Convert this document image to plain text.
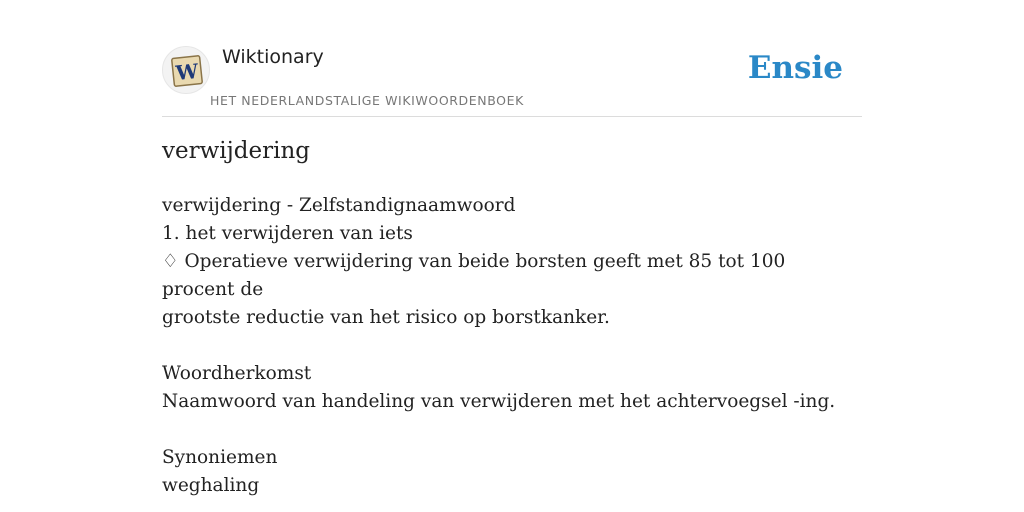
W
Wiktionary
HET NEDERLANDSTALIGE WIKIWOORDENBOEK
Ensie
verwijdering
verwijdering - Zelfstandignaamwoord
1. het verwijderen van iets
♢ Operatieve verwijdering van beide borsten geeft met 85 tot 100 procent de
grootste reductie van het risico op borstkanker.
Woordherkomst
Naamwoord van handeling van verwijderen met het achtervoegsel -ing.
Synoniemen
weghaling
